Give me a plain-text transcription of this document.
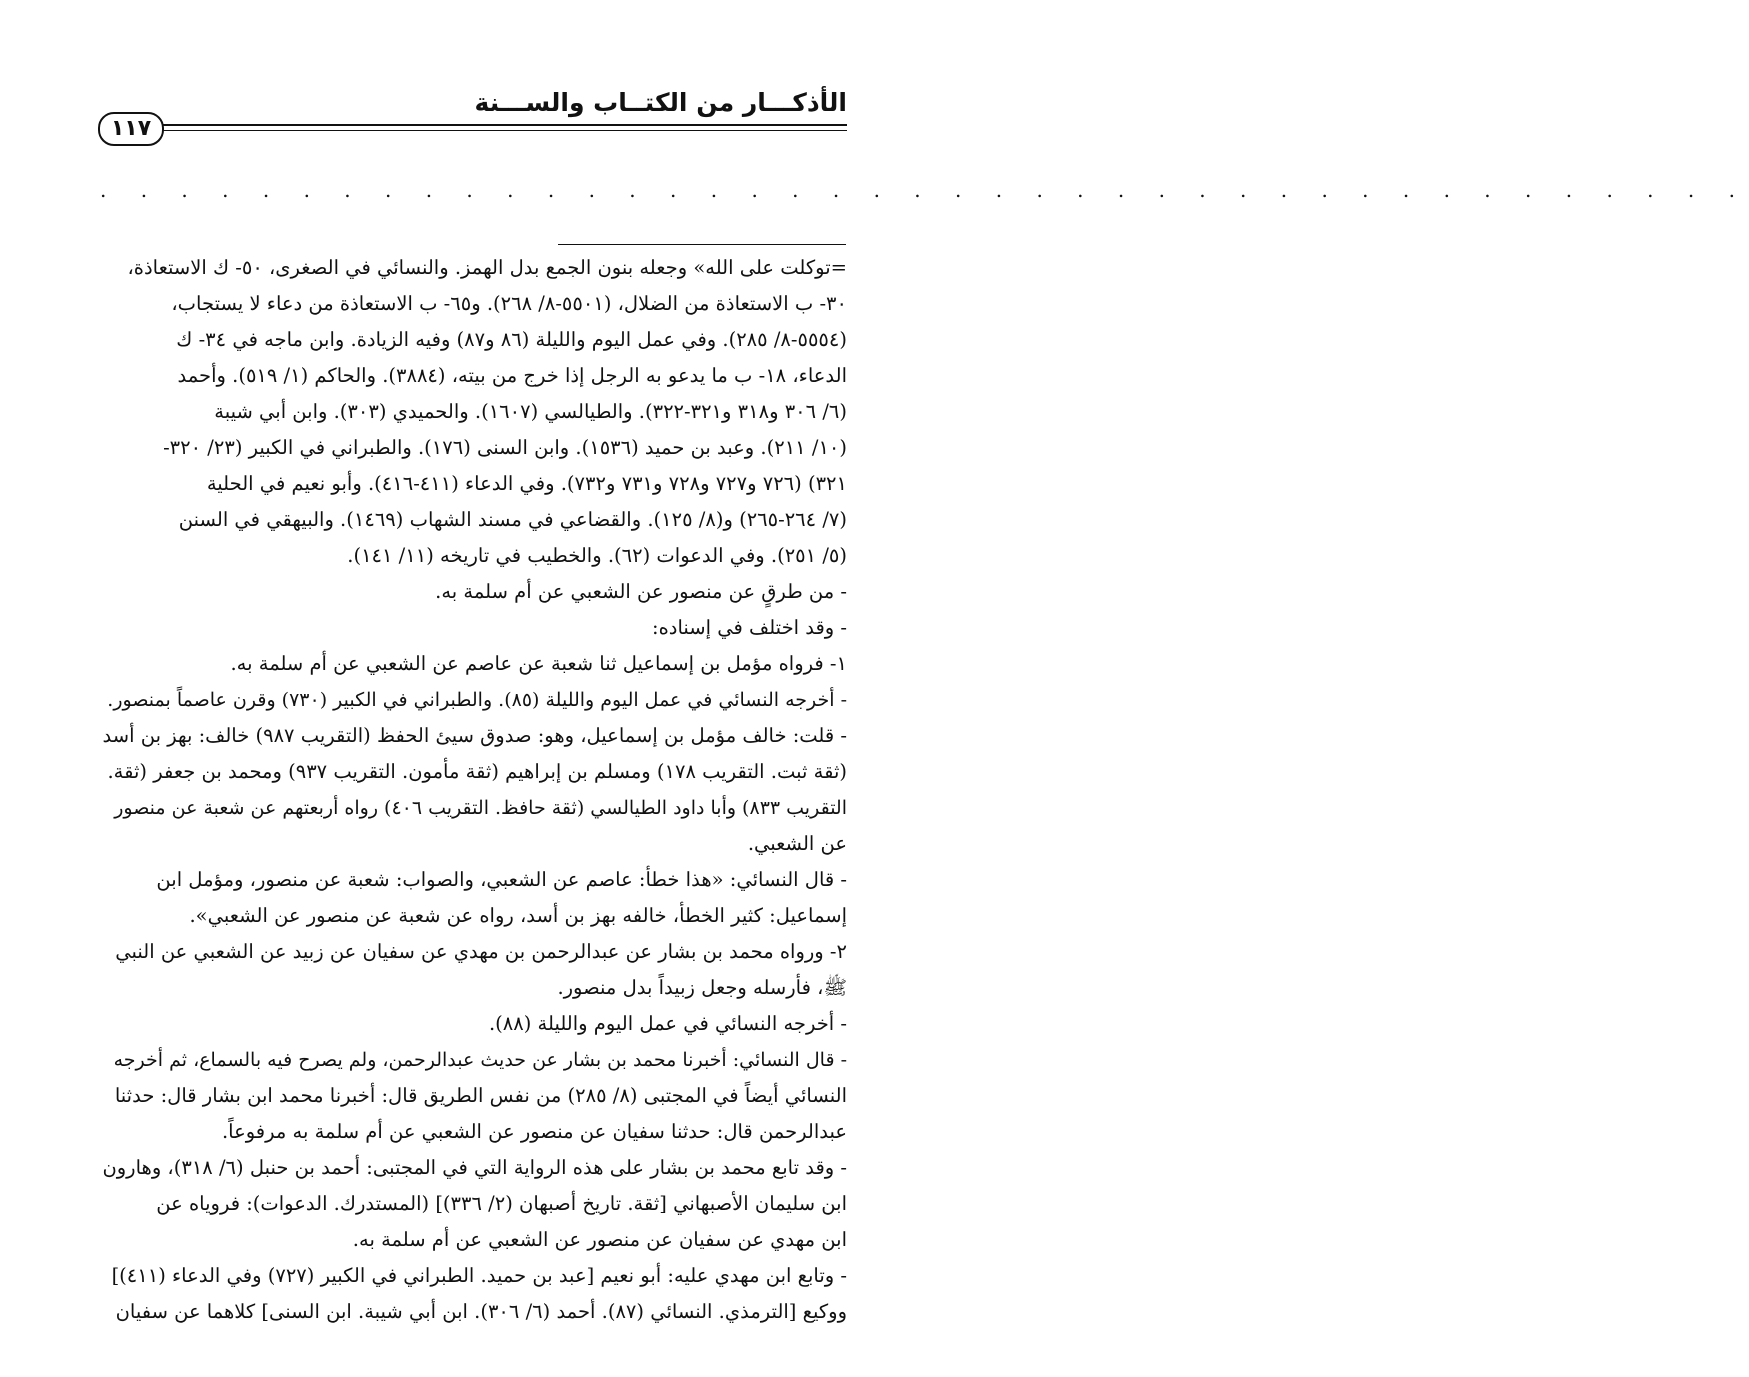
الأذكـــار من الكتــاب والســـنة
١١٧
. . . . . . . . . . . . . . . . . . . . . . . . . . . . . . . . . . . . . . . . .
=توكلت على الله» وجعله بنون الجمع بدل الهمز. والنسائي في الصغرى، ٥٠- ك الاستعاذة،
٣٠- ب الاستعاذة من الضلال، (٥٥٠١-٨/ ٢٦٨). و٦٥- ب الاستعاذة من دعاء لا يستجاب،
(٥٥٥٤-٨/ ٢٨٥). وفي عمل اليوم والليلة (٨٦ و٨٧) وفيه الزيادة. وابن ماجه في ٣٤- ك
الدعاء، ١٨- ب ما يدعو به الرجل إذا خرج من بيته، (٣٨٨٤). والحاكم (١/ ٥١٩). وأحمد
(٦/ ٣٠٦ و٣١٨ و٣٢١-٣٢٢). والطيالسي (١٦٠٧). والحميدي (٣٠٣). وابن أبي شيبة
(١٠/ ٢١١). وعبد بن حميد (١٥٣٦). وابن السنى (١٧٦). والطبراني في الكبير (٢٣/ ٣٢٠-
٣٢١) (٧٢٦ و٧٢٧ و٧٢٨ و٧٣١ و٧٣٢). وفي الدعاء (٤١١-٤١٦). وأبو نعيم في الحلية
(٧/ ٢٦٤-٢٦٥) و(٨/ ١٢٥). والقضاعي في مسند الشهاب (١٤٦٩). والبيهقي في السنن
(٥/ ٢٥١). وفي الدعوات (٦٢). والخطيب في تاريخه (١١/ ١٤١).
- من طرقٍ عن منصور عن الشعبي عن أم سلمة به.
- وقد اختلف في إسناده:
١- فرواه مؤمل بن إسماعيل ثنا شعبة عن عاصم عن الشعبي عن أم سلمة به.
- أخرجه النسائي في عمل اليوم والليلة (٨٥). والطبراني في الكبير (٧٣٠) وقرن عاصماً بمنصور.
- قلت: خالف مؤمل بن إسماعيل، وهو: صدوق سيئ الحفظ (التقريب ٩٨٧) خالف: بهز بن أسد
(ثقة ثبت. التقريب ١٧٨) ومسلم بن إبراهيم (ثقة مأمون. التقريب ٩٣٧) ومحمد بن جعفر (ثقة.
التقريب ٨٣٣) وأبا داود الطيالسي (ثقة حافظ. التقريب ٤٠٦) رواه أربعتهم عن شعبة عن منصور
عن الشعبي.
- قال النسائي: «هذا خطأ: عاصم عن الشعبي، والصواب: شعبة عن منصور، ومؤمل ابن
إسماعيل: كثير الخطأ، خالفه بهز بن أسد، رواه عن شعبة عن منصور عن الشعبي».
٢- ورواه محمد بن بشار عن عبدالرحمن بن مهدي عن سفيان عن زبيد عن الشعبي عن النبي
ﷺ، فأرسله وجعل زبيداً بدل منصور.
- أخرجه النسائي في عمل اليوم والليلة (٨٨).
- قال النسائي: أخبرنا محمد بن بشار عن حديث عبدالرحمن، ولم يصرح فيه بالسماع، ثم أخرجه
النسائي أيضاً في المجتبى (٨/ ٢٨٥) من نفس الطريق قال: أخبرنا محمد ابن بشار قال: حدثنا
عبدالرحمن قال: حدثنا سفيان عن منصور عن الشعبي عن أم سلمة به مرفوعاً.
- وقد تابع محمد بن بشار على هذه الرواية التي في المجتبى: أحمد بن حنبل (٦/ ٣١٨)، وهارون
ابن سليمان الأصبهاني [ثقة. تاريخ أصبهان (٢/ ٣٣٦)] (المستدرك. الدعوات): فروياه عن
ابن مهدي عن سفيان عن منصور عن الشعبي عن أم سلمة به.
- وتابع ابن مهدي عليه: أبو نعيم [عبد بن حميد. الطبراني في الكبير (٧٢٧) وفي الدعاء (٤١١)]
ووكيع [الترمذي. النسائي (٨٧). أحمد (٦/ ٣٠٦). ابن أبي شيبة. ابن السنى] كلاهما عن سفيان
